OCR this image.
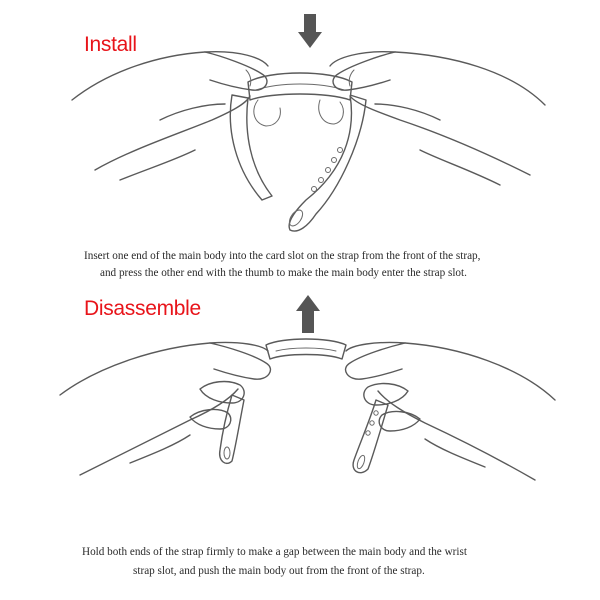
Install
Insert one end of the main body into the card slot on the strap from the front of the strap,
and press the other end with the thumb to make the main body enter the strap slot.
Disassemble
Hold both ends of the strap firmly to make a gap between the main body and the wrist
strap slot, and push the main body out from the front of the strap.
